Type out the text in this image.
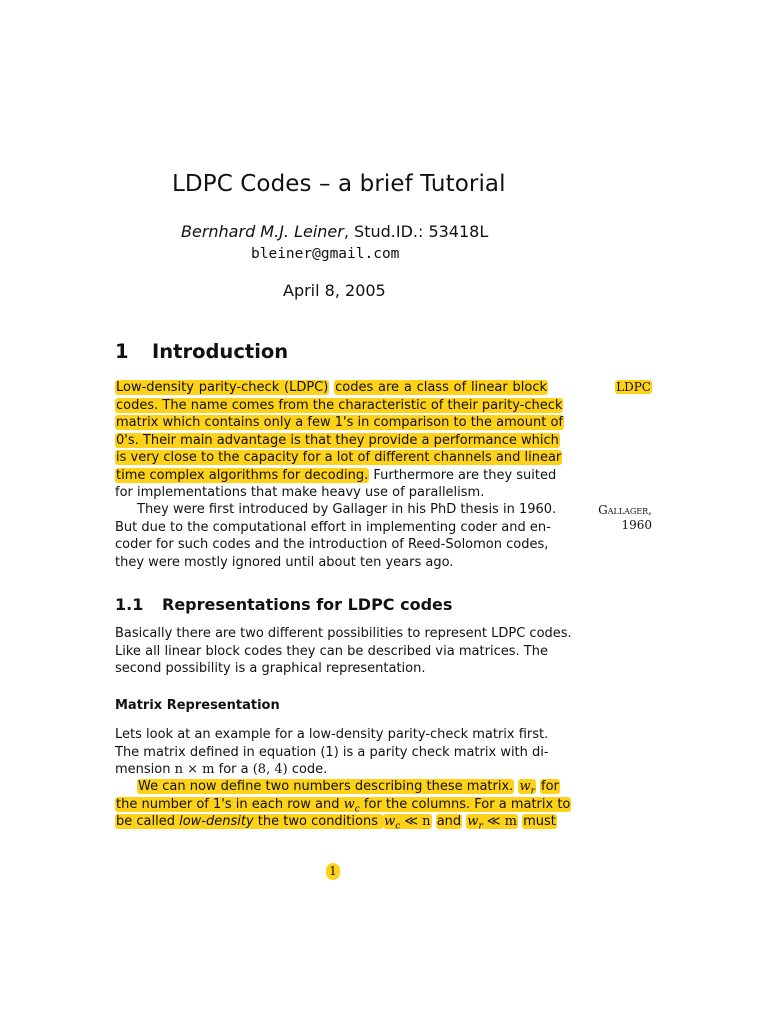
LDPC Codes – a brief Tutorial
Bernhard M.J. Leiner, Stud.ID.: 53418L
bleiner@gmail.com
April 8, 2005
1 Introduction
Low-density parity-check (LDPC) codes are a class of linear block
codes. The name comes from the characteristic of their parity-check
matrix which contains only a few 1's in comparison to the amount of
0's. Their main advantage is that they provide a performance which
is very close to the capacity for a lot of different channels and linear
time complex algorithms for decoding. Furthermore are they suited
for implementations that make heavy use of parallelism.
They were first introduced by Gallager in his PhD thesis in 1960.
But due to the computational effort in implementing coder and en-
coder for such codes and the introduction of Reed-Solomon codes,
they were mostly ignored until about ten years ago.
LDPC
Gallager,
1960
1.1 Representations for LDPC codes
Basically there are two different possibilities to represent LDPC codes.
Like all linear block codes they can be described via matrices. The
second possibility is a graphical representation.
Matrix Representation
Lets look at an example for a low-density parity-check matrix first.
The matrix defined in equation (1) is a parity check matrix with di-
mension n × m for a (8, 4) code.
We can now define two numbers describing these matrix. $w_r$ for
the number of 1's in each row and $w_c$ for the columns. For a matrix to
be called low-density the two conditions $w_c$ ≪ n and $w_r$ ≪ m must
1
